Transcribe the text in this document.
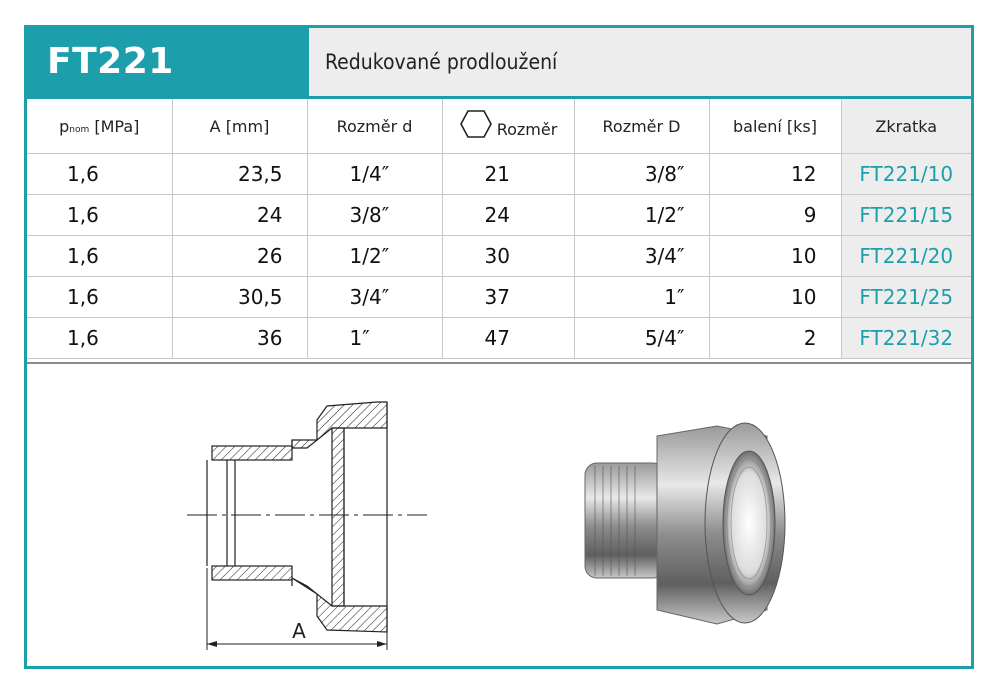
FT221	Redukované prodloužení
pnom [MPa]	A [mm]	Rozměr d	Rozměr	Rozměr D	balení [ks]	Zkratka
1,6	23,5	1/4″	21	3/8″	12	FT221/10
1,6	24	3/8″	24	1/2″	9	FT221/15
1,6	26	1/2″	30	3/4″	10	FT221/20
1,6	30,5	3/4″	37	1″	10	FT221/25
1,6	36	1″	47	5/4″	2	FT221/32
A
